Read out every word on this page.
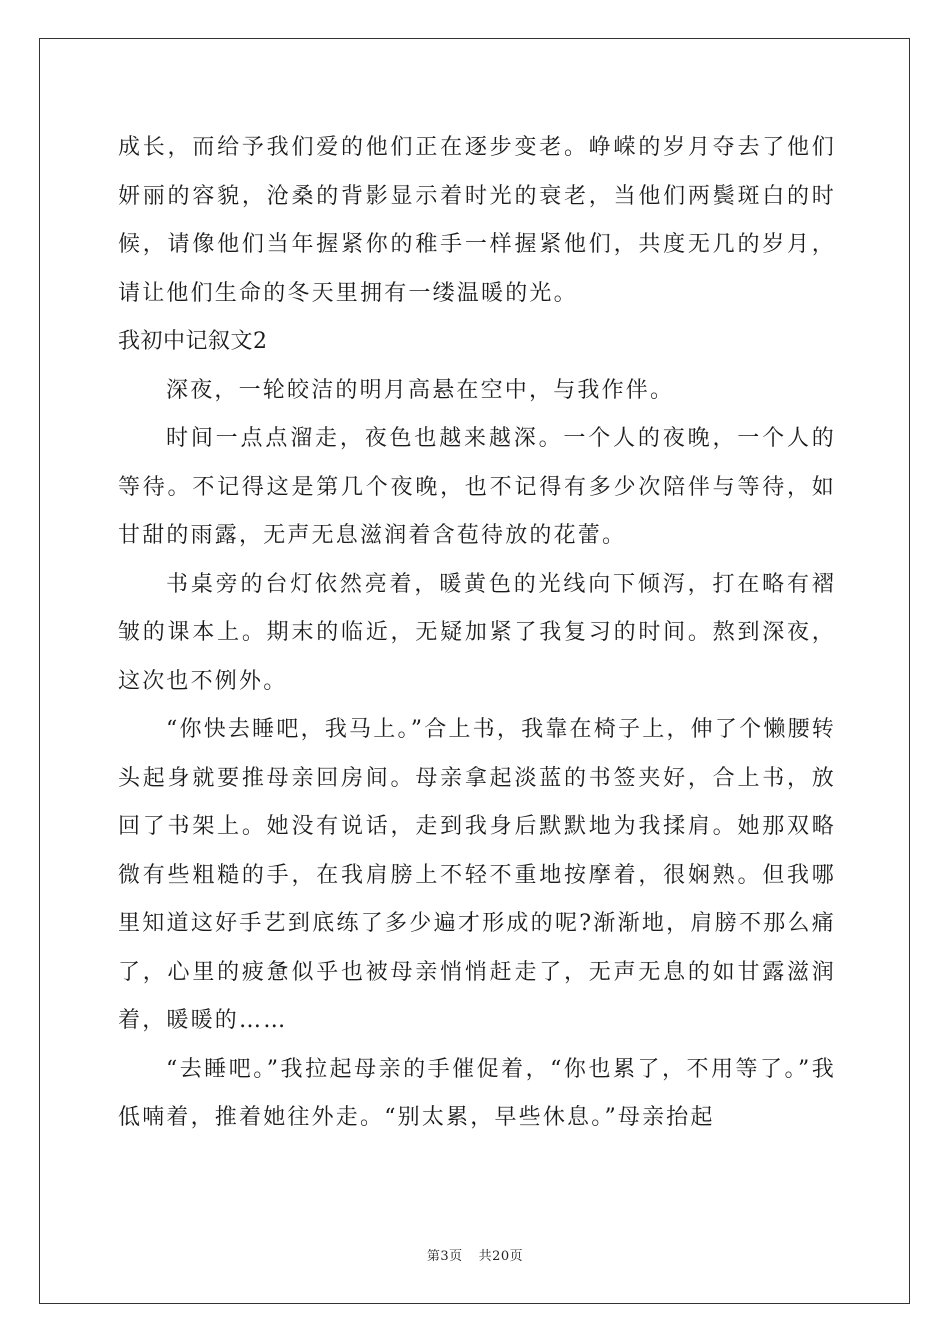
成长，而给予我们爱的他们正在逐步变老。峥嵘的岁月夺去了他们妍丽的容貌，沧桑的背影显示着时光的衰老，当他们两鬓斑白的时候，请像他们当年握紧你的稚手一样握紧他们，共度无几的岁月，请让他们生命的冬天里拥有一缕温暖的光。

我初中记叙文2

深夜，一轮皎洁的明月高悬在空中，与我作伴。

时间一点点溜走，夜色也越来越深。一个人的夜晚，一个人的等待。不记得这是第几个夜晚，也不记得有多少次陪伴与等待，如甘甜的雨露，无声无息滋润着含苞待放的花蕾。

书桌旁的台灯依然亮着，暖黄色的光线向下倾泻，打在略有褶皱的课本上。期末的临近，无疑加紧了我复习的时间。熬到深夜，这次也不例外。

“你快去睡吧，我马上。”合上书，我靠在椅子上，伸了个懒腰转头起身就要推母亲回房间。母亲拿起淡蓝的书签夹好，合上书，放回了书架上。她没有说话，走到我身后默默地为我揉肩。她那双略微有些粗糙的手，在我肩膀上不轻不重地按摩着，很娴熟。但我哪里知道这好手艺到底练了多少遍才形成的呢?渐渐地，肩膀不那么痛了，心里的疲惫似乎也被母亲悄悄赶走了，无声无息的如甘露滋润着，暖暖的……

“去睡吧。”我拉起母亲的手催促着，“你也累了，不用等了。”我低喃着，推着她往外走。“别太累，早些休息。”母亲抬起

第3页 共20页
